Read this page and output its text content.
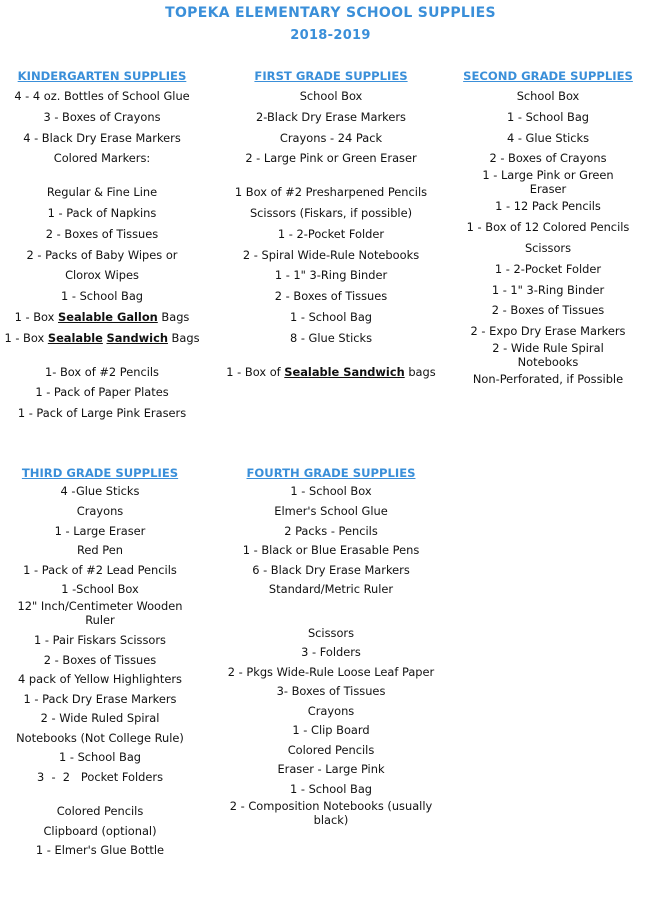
TOPEKA ELEMENTARY SCHOOL SUPPLIES
2018-2019
KINDERGARTEN SUPPLIES
4 - 4 oz. Bottles of School Glue
3 - Boxes of Crayons
4 - Black Dry Erase Markers
Colored Markers:
Regular & Fine Line
1 - Pack of Napkins
2 - Boxes of Tissues
2 - Packs of Baby Wipes or
Clorox Wipes
1 - School Bag
1 - Box Sealable Gallon Bags
1 - Box Sealable Sandwich Bags
1- Box of #2 Pencils
1 - Pack of Paper Plates
1 - Pack of Large Pink Erasers
FIRST GRADE SUPPLIES
School Box
2-Black Dry Erase Markers
Crayons - 24 Pack
2 - Large Pink or Green Eraser
1 Box of #2 Presharpened Pencils
Scissors (Fiskars, if possible)
1 - 2-Pocket Folder
2 - Spiral Wide-Rule Notebooks
1 - 1" 3-Ring Binder
2 - Boxes of Tissues
1 - School Bag
8 - Glue Sticks
1 - Box of Sealable Sandwich bags
SECOND GRADE SUPPLIES
School Box
1 - School Bag
4 - Glue Sticks
2 - Boxes of Crayons
1 - Large Pink or Green
Eraser
1 - 12 Pack Pencils
1 - Box of 12 Colored Pencils
Scissors
1 - 2-Pocket Folder
1 - 1" 3-Ring Binder
2 - Boxes of Tissues
2 - Expo Dry Erase Markers
2 - Wide Rule Spiral
Notebooks
Non-Perforated, if Possible
THIRD GRADE SUPPLIES
4 -Glue Sticks
Crayons
1 - Large Eraser
Red Pen
1 - Pack of #2 Lead Pencils
1 -School Box
12" Inch/Centimeter Wooden
Ruler
1 - Pair Fiskars Scissors
2 - Boxes of Tissues
4 pack of Yellow Highlighters
1 - Pack Dry Erase Markers
2 - Wide Ruled Spiral
Notebooks (Not College Rule)
1 - School Bag
3  -  2   Pocket Folders
Colored Pencils
Clipboard (optional)
1 - Elmer's Glue Bottle
FOURTH GRADE SUPPLIES
1 - School Box
Elmer's School Glue
2 Packs - Pencils
1 - Black or Blue Erasable Pens
6 - Black Dry Erase Markers
Standard/Metric Ruler
Scissors
3 - Folders
2 - Pkgs Wide-Rule Loose Leaf Paper
3- Boxes of Tissues
Crayons
1 - Clip Board
Colored Pencils
Eraser - Large Pink
1 - School Bag
2 - Composition Notebooks (usually
black)
